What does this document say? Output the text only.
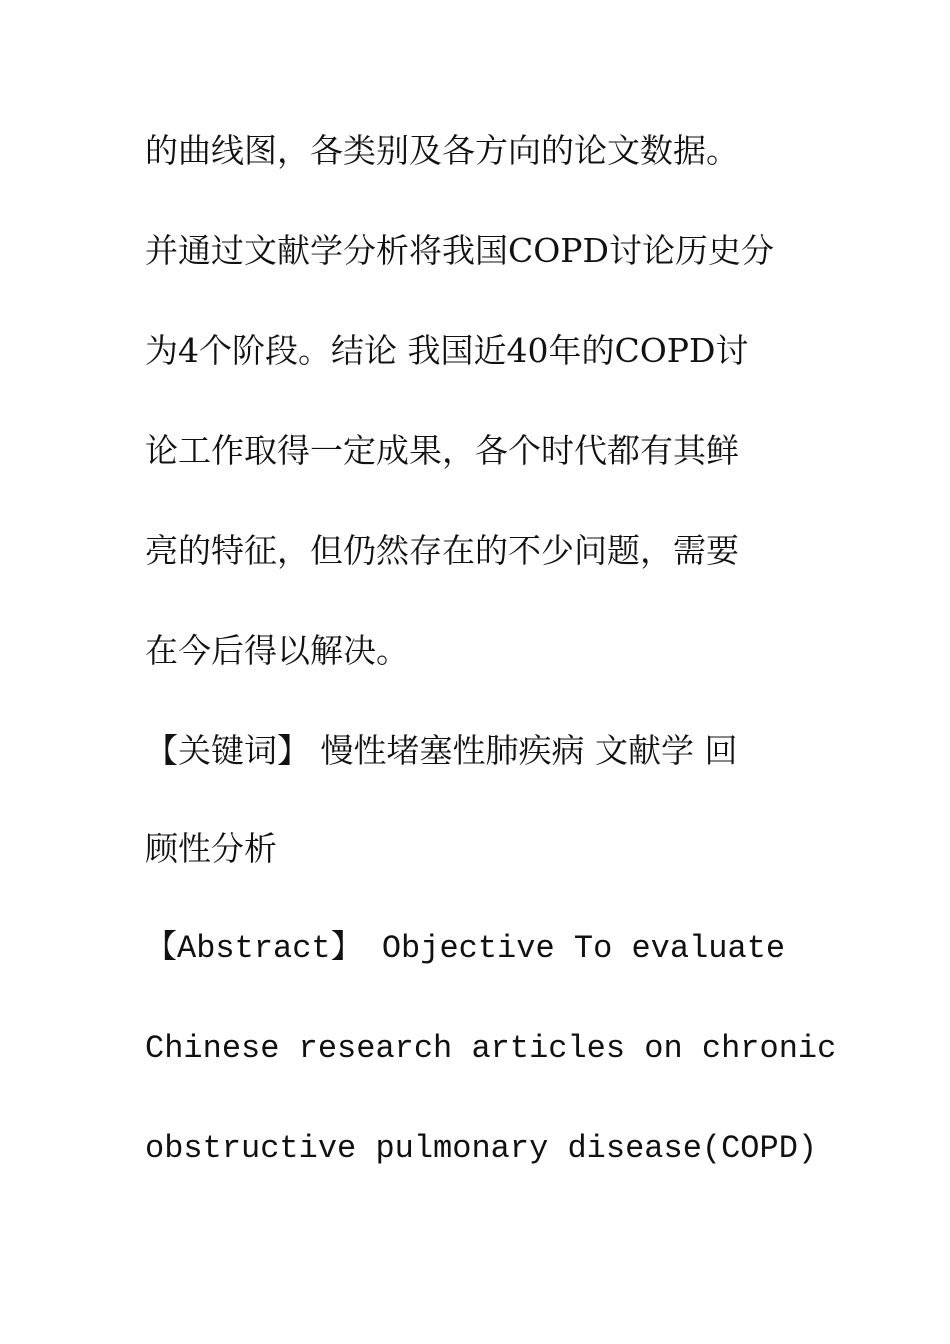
的曲线图，各类别及各方向的论文数据。

并通过文献学分析将我国COPD讨论历史分

为4个阶段。结论 我国近40年的COPD讨

论工作取得一定成果，各个时代都有其鲜

亮的特征，但仍然存在的不少问题，需要

在今后得以解决。

【关键词】 慢性堵塞性肺疾病 文献学 回

顾性分析

【Abstract】 Objective To evaluate

Chinese research articles on chronic

obstructive pulmonary disease(COPD)
